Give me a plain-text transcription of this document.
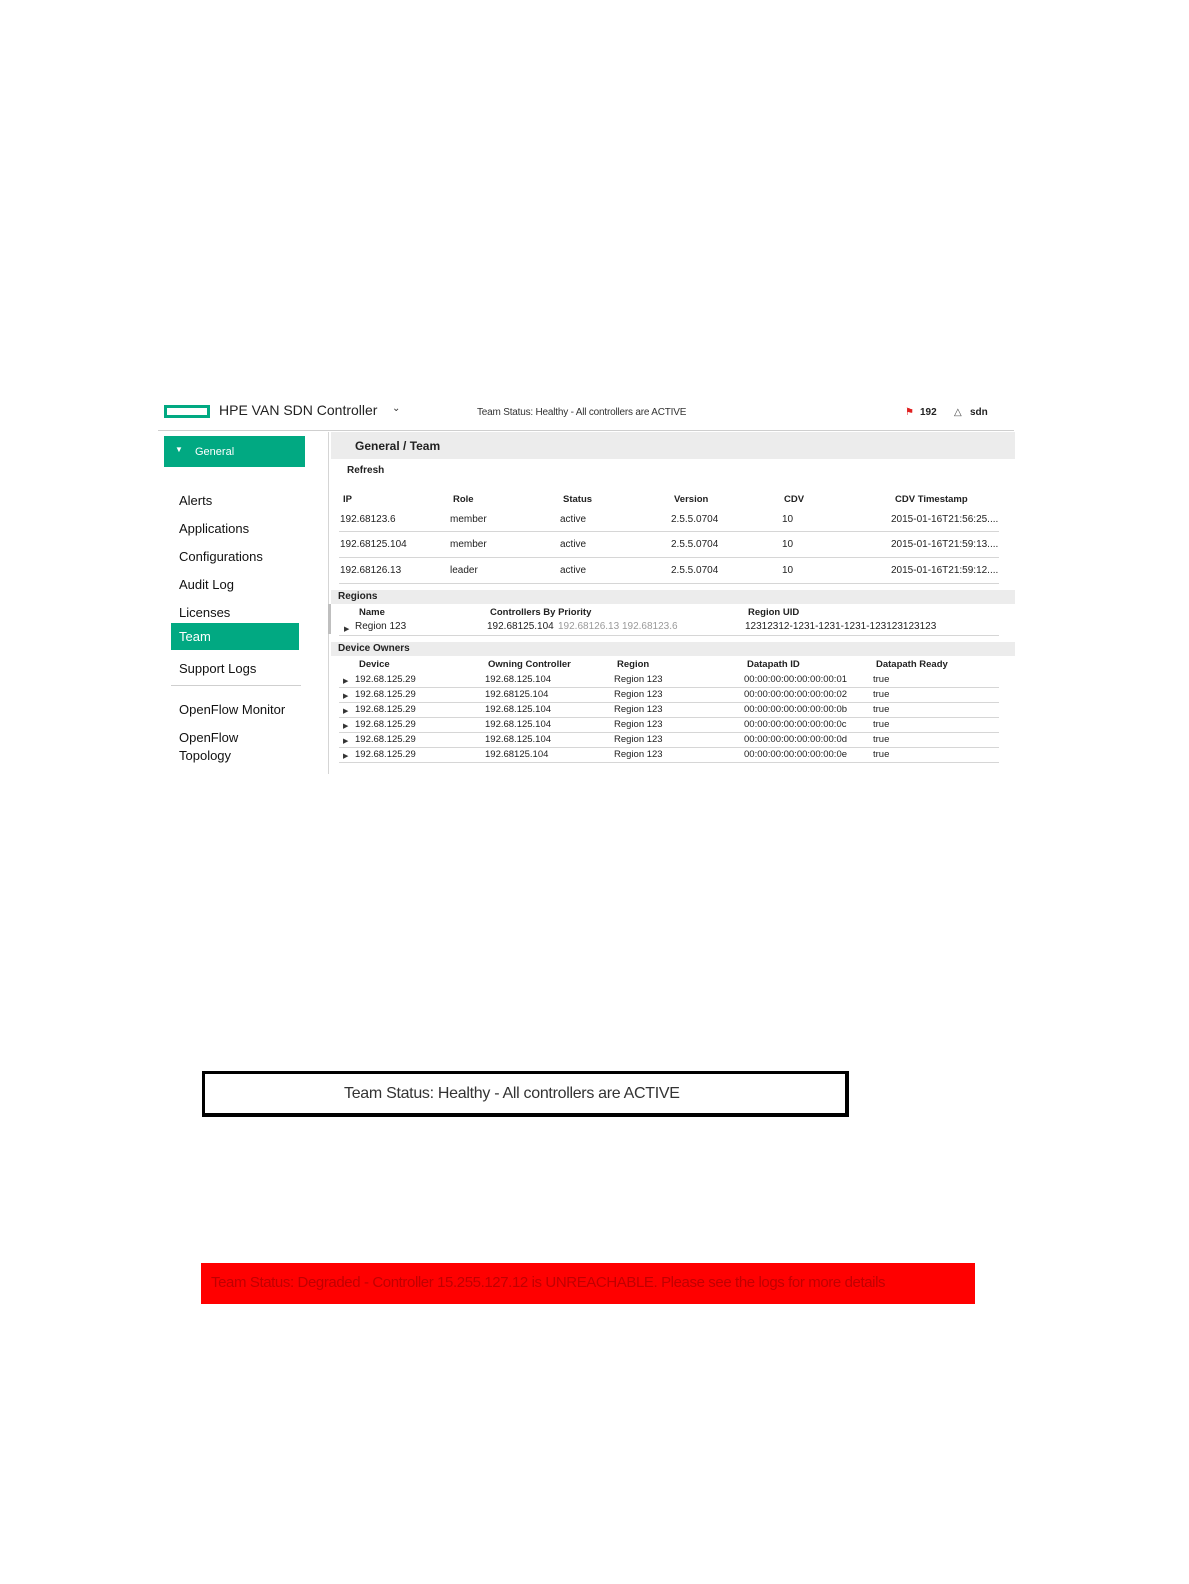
HPE VAN SDN Controller ⌄	Team Status: Healthy - All controllers are ACTIVE	⚑ 192 △ sdn
▼ General
Alerts
Applications
Configurations
Audit Log
Licenses
Team
Support Logs
OpenFlow Monitor
OpenFlow
Topology
General / Team
Refresh
IP	Role	Status	Version	CDV	CDV Timestamp
192.68123.6	member	active	2.5.5.0704	10	2015-01-16T21:56:25....
192.68125.104	member	active	2.5.5.0704	10	2015-01-16T21:59:13....
192.68126.13	leader	active	2.5.5.0704	10	2015-01-16T21:59:12....
Regions
Name	Controllers By Priority	Region UID
▶ Region 123	192.68125.104 192.68126.13 192.68123.6	12312312-1231-1231-1231-123123123123
Device Owners
Device	Owning Controller	Region	Datapath ID	Datapath Ready
▶ 192.68.125.29	192.68.125.104	Region 123	00:00:00:00:00:00:00:01	true
▶ 192.68.125.29	192.68125.104	Region 123	00:00:00:00:00:00:00:02	true
▶ 192.68.125.29	192.68.125.104	Region 123	00:00:00:00:00:00:00:0b	true
▶ 192.68.125.29	192.68.125.104	Region 123	00:00:00:00:00:00:00:0c	true
▶ 192.68.125.29	192.68.125.104	Region 123	00:00:00:00:00:00:00:0d	true
▶ 192.68.125.29	192.68125.104	Region 123	00:00:00:00:00:00:00:0e	true
Team Status: Healthy - All controllers are ACTIVE
Team Status: Degraded - Controller 15.255.127.12 is UNREACHABLE. Please see the logs for more details
